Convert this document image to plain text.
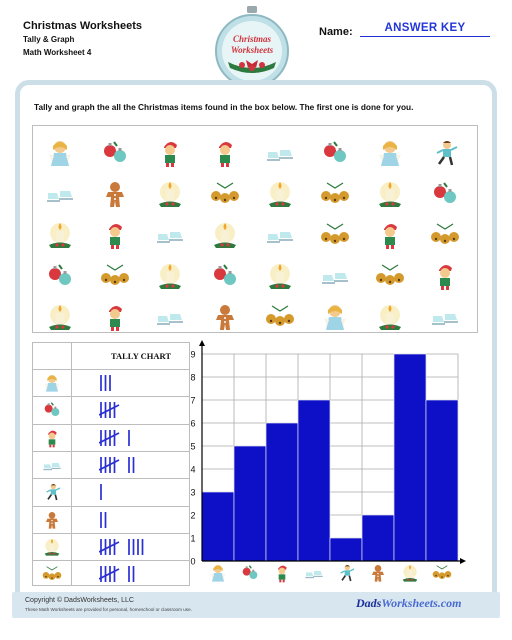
Christmas Worksheets
Tally & Graph
Math Worksheet 4
Christmas
Worksheets
Name:	ANSWER KEY
Tally and graph the all the Christmas items found in the box below. The first one is done for you.
TALLY CHART
0
1
2
3
4
5
6
7
8
9
Copyright © DadsWorksheets, LLC
These Math Worksheets are provided for personal, homeschool or classroom use.	DadsWorksheets.com
